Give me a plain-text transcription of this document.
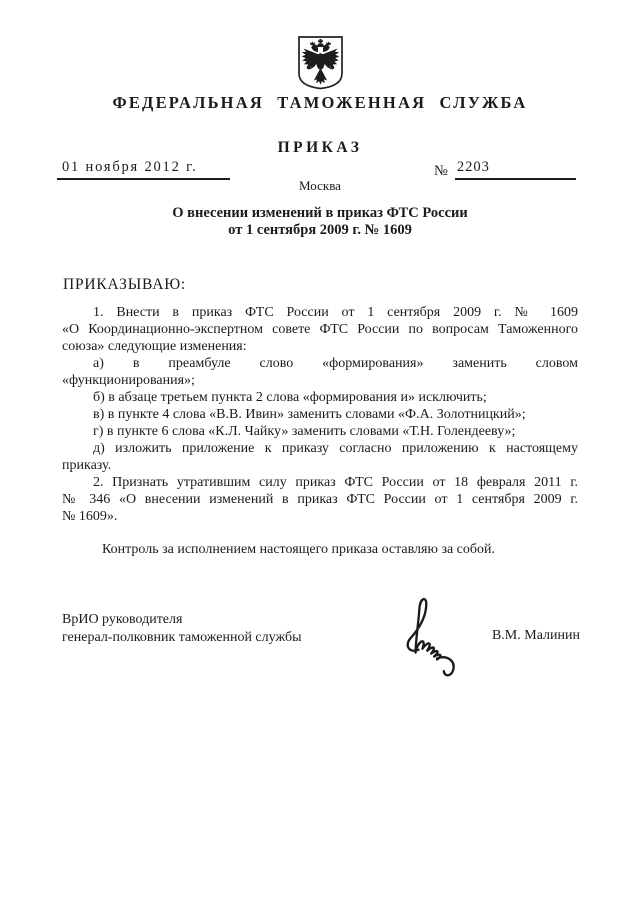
ФЕДЕРАЛЬНАЯ ТАМОЖЕННАЯ СЛУЖБА
ПРИКАЗ
01 ноября 2012 г.	№ 2203
Москва
О внесении изменений в приказ ФТС России
от 1 сентября 2009 г. № 1609
ПРИКАЗЫВАЮ:
1. Внести в приказ ФТС России от 1 сентября 2009 г. № 1609
«О Координационно-экспертном совете ФТС России по вопросам Таможенного
союза» следующие изменения:
а) в преамбуле слово «формирования» заменить словом
«функционирования»;
б) в абзаце третьем пункта 2 слова «формирования и» исключить;
в) в пункте 4 слова «В.В. Ивин» заменить словами «Ф.А. Золотницкий»;
г) в пункте 6 слова «К.Л. Чайку» заменить словами «Т.Н. Голендееву»;
д) изложить приложение к приказу согласно приложению к настоящему
приказу.
2. Признать утратившим силу приказ ФТС России от 18 февраля 2011 г.
№ 346 «О внесении изменений в приказ ФТС России от 1 сентября 2009 г.
№ 1609».
Контроль за исполнением настоящего приказа оставляю за собой.
ВрИО руководителя
генерал-полковник таможенной службы	В.М. Малинин
